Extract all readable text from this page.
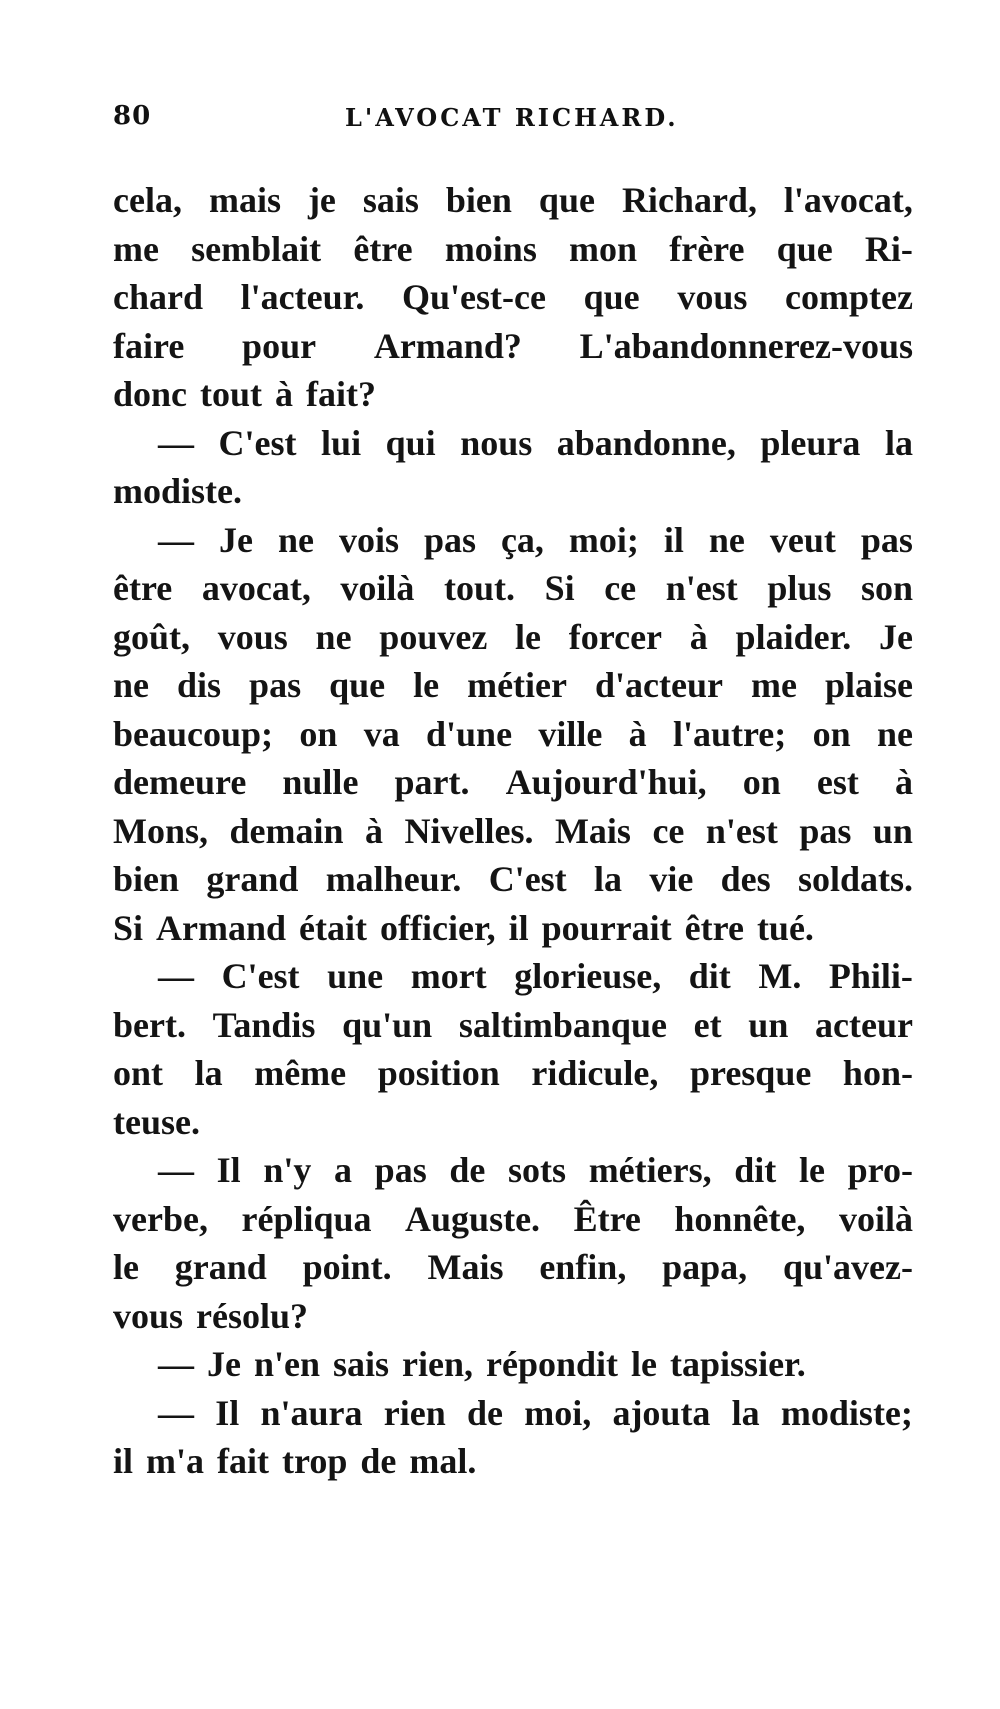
80	L'AVOCAT RICHARD.
cela, mais je sais bien que Richard, l'avocat,
me semblait être moins mon frère que Ri-
chard l'acteur. Qu'est-ce que vous comptez
faire pour Armand? L'abandonnerez-vous
donc tout à fait?
— C'est lui qui nous abandonne, pleura la
modiste.
— Je ne vois pas ça, moi; il ne veut pas
être avocat, voilà tout. Si ce n'est plus son
goût, vous ne pouvez le forcer à plaider. Je
ne dis pas que le métier d'acteur me plaise
beaucoup; on va d'une ville à l'autre; on ne
demeure nulle part. Aujourd'hui, on est à
Mons, demain à Nivelles. Mais ce n'est pas un
bien grand malheur. C'est la vie des soldats.
Si Armand était officier, il pourrait être tué.
— C'est une mort glorieuse, dit M. Phili-
bert. Tandis qu'un saltimbanque et un acteur
ont la même position ridicule, presque hon-
teuse.
— Il n'y a pas de sots métiers, dit le pro-
verbe, répliqua Auguste. Être honnête, voilà
le grand point. Mais enfin, papa, qu'avez-
vous résolu?
— Je n'en sais rien, répondit le tapissier.
— Il n'aura rien de moi, ajouta la modiste;
il m'a fait trop de mal.
